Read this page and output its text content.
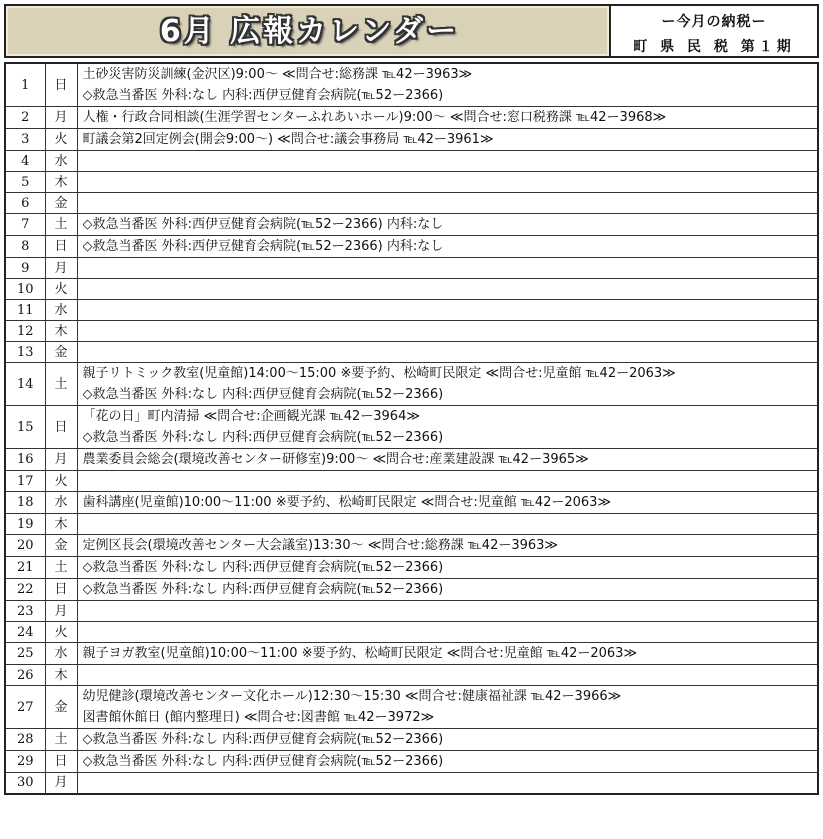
6月 広報カレンダー	ー今月の納税ー
町 県 民 税 第１期
1	日	土砂災害防災訓練(金沢区)9:00～ ≪問合せ:総務課 ℡42ー3963≫
◇救急当番医 外科:なし 内科:西伊豆健育会病院(℡52ー2366)

2	月	人権・行政合同相談(生涯学習センターふれあいホール)9:00～ ≪問合せ:窓口税務課 ℡42ー3968≫

3	火	町議会第2回定例会(開会9:00～) ≪問合せ:議会事務局 ℡42ー3961≫

4	水	
5	木	
6	金	
7	土	◇救急当番医 外科:西伊豆健育会病院(℡52ー2366) 内科:なし

8	日	◇救急当番医 外科:西伊豆健育会病院(℡52ー2366) 内科:なし

9	月	
10	火	
11	水	
12	木	
13	金	
14	土	親子リトミック教室(児童館)14:00～15:00 ※要予約、松崎町民限定 ≪問合せ:児童館 ℡42ー2063≫
◇救急当番医 外科:なし 内科:西伊豆健育会病院(℡52ー2366)

15	日	「花の日」町内清掃 ≪問合せ:企画観光課 ℡42ー3964≫
◇救急当番医 外科:なし 内科:西伊豆健育会病院(℡52ー2366)

16	月	農業委員会総会(環境改善センター研修室)9:00～ ≪問合せ:産業建設課 ℡42ー3965≫

17	火	
18	水	歯科講座(児童館)10:00～11:00 ※要予約、松崎町民限定 ≪問合せ:児童館 ℡42ー2063≫

19	木	
20	金	定例区長会(環境改善センター大会議室)13:30～ ≪問合せ:総務課 ℡42ー3963≫

21	土	◇救急当番医 外科:なし 内科:西伊豆健育会病院(℡52ー2366)

22	日	◇救急当番医 外科:なし 内科:西伊豆健育会病院(℡52ー2366)

23	月	
24	火	
25	水	親子ヨガ教室(児童館)10:00～11:00 ※要予約、松崎町民限定 ≪問合せ:児童館 ℡42ー2063≫

26	木	
27	金	幼児健診(環境改善センター文化ホール)12:30～15:30 ≪問合せ:健康福祉課 ℡42ー3966≫
図書館休館日 (館内整理日) ≪問合せ:図書館 ℡42ー3972≫

28	土	◇救急当番医 外科:なし 内科:西伊豆健育会病院(℡52ー2366)

29	日	◇救急当番医 外科:なし 内科:西伊豆健育会病院(℡52ー2366)

30	月	
